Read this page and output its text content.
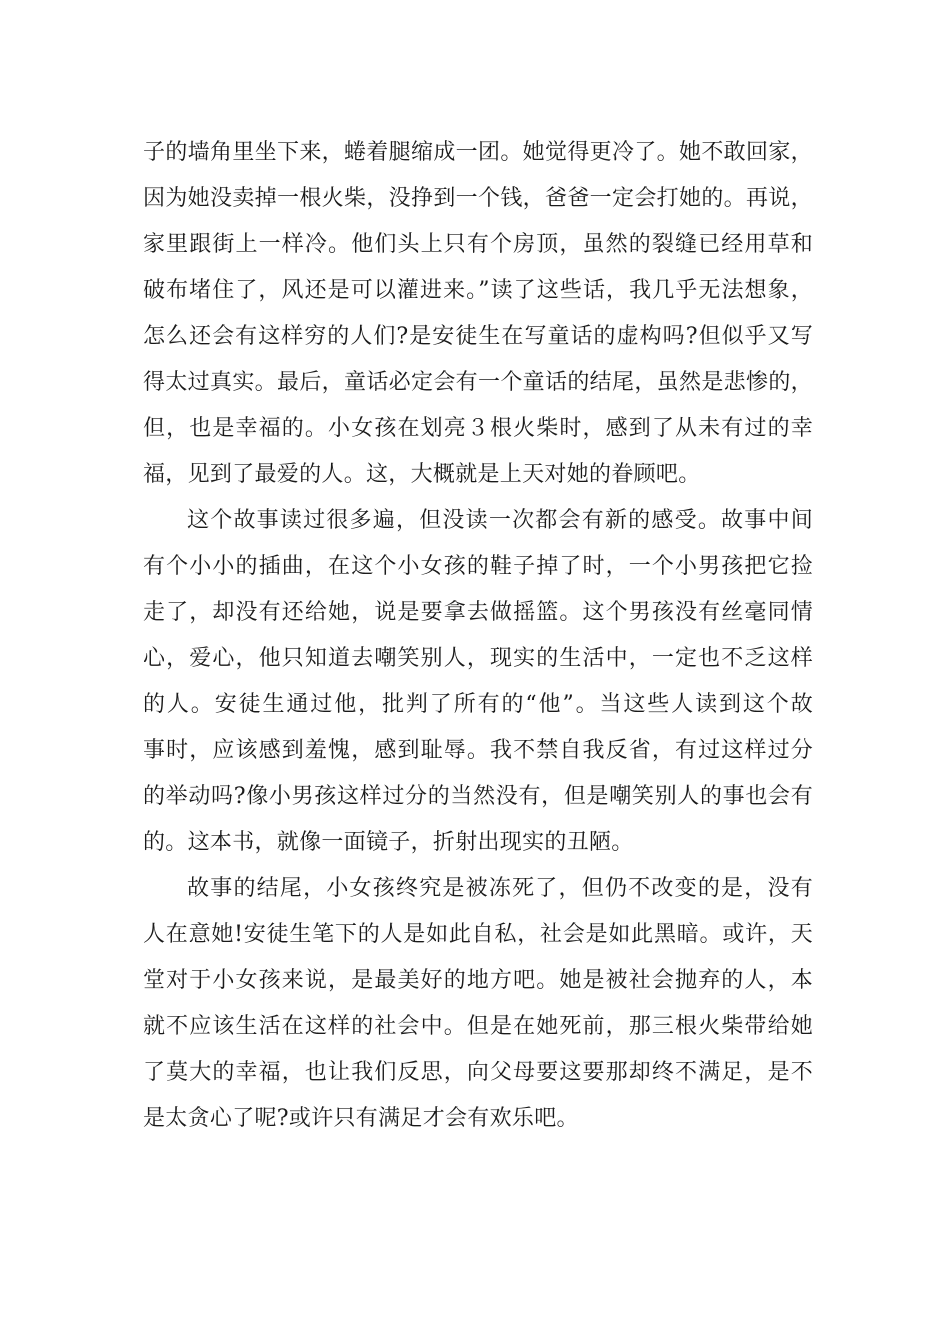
子的墙角里坐下来，蜷着腿缩成一团。她觉得更冷了。她不敢回家，
因为她没卖掉一根火柴，没挣到一个钱，爸爸一定会打她的。再说，
家里跟街上一样冷。他们头上只有个房顶，虽然的裂缝已经用草和
破布堵住了，风还是可以灌进来。”读了这些话，我几乎无法想象，
怎么还会有这样穷的人们?是安徒生在写童话的虚构吗?但似乎又写
得太过真实。最后，童话必定会有一个童话的结尾，虽然是悲惨的，
但，也是幸福的。小女孩在划亮３根火柴时，感到了从未有过的幸
福，见到了最爱的人。这，大概就是上天对她的眷顾吧。
这个故事读过很多遍，但没读一次都会有新的感受。故事中间
有个小小的插曲，在这个小女孩的鞋子掉了时，一个小男孩把它捡
走了，却没有还给她，说是要拿去做摇篮。这个男孩没有丝毫同情
心，爱心，他只知道去嘲笑别人，现实的生活中，一定也不乏这样
的人。安徒生通过他，批判了所有的“他”。当这些人读到这个故
事时，应该感到羞愧，感到耻辱。我不禁自我反省，有过这样过分
的举动吗?像小男孩这样过分的当然没有，但是嘲笑别人的事也会有
的。这本书，就像一面镜子，折射出现实的丑陋。
故事的结尾，小女孩终究是被冻死了，但仍不改变的是，没有
人在意她!安徒生笔下的人是如此自私，社会是如此黑暗。或许，天
堂对于小女孩来说，是最美好的地方吧。她是被社会抛弃的人，本
就不应该生活在这样的社会中。但是在她死前，那三根火柴带给她
了莫大的幸福，也让我们反思，向父母要这要那却终不满足，是不
是太贪心了呢?或许只有满足才会有欢乐吧。
